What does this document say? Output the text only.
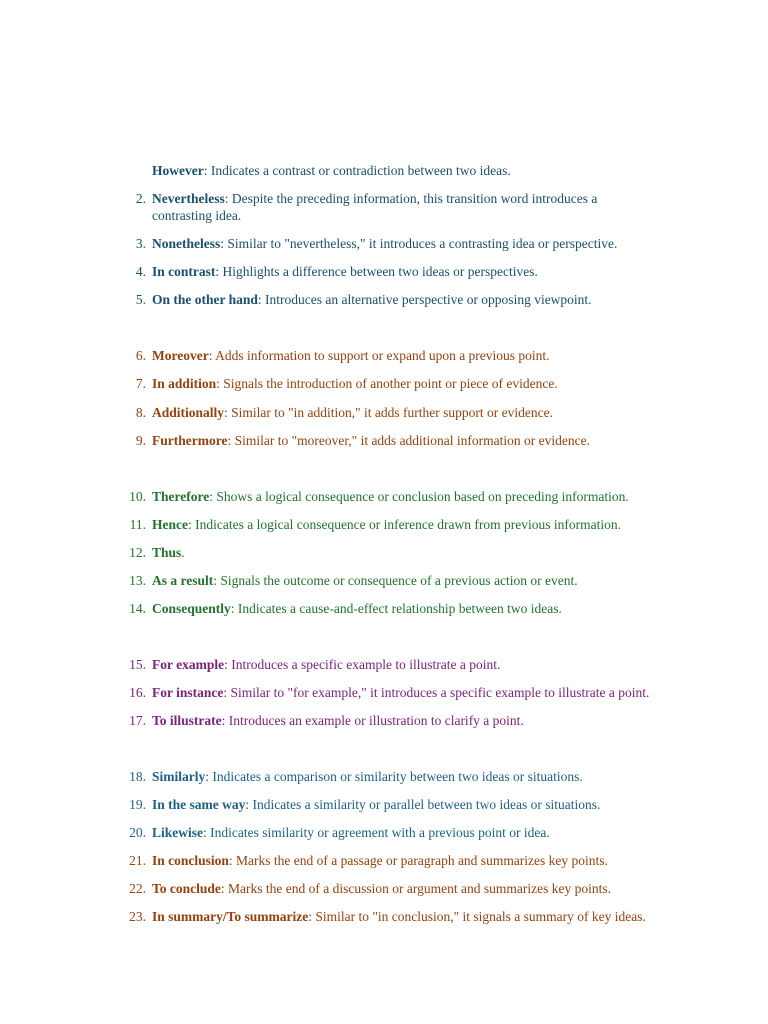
However: Indicates a contrast or contradiction between two ideas.
2. Nevertheless: Despite the preceding information, this transition word introduces a contrasting idea.
3. Nonetheless: Similar to "nevertheless," it introduces a contrasting idea or perspective.
4. In contrast: Highlights a difference between two ideas or perspectives.
5. On the other hand: Introduces an alternative perspective or opposing viewpoint.
6. Moreover: Adds information to support or expand upon a previous point.
7. In addition: Signals the introduction of another point or piece of evidence.
8. Additionally: Similar to "in addition," it adds further support or evidence.
9. Furthermore: Similar to "moreover," it adds additional information or evidence.
10. Therefore: Shows a logical consequence or conclusion based on preceding information.
11. Hence: Indicates a logical consequence or inference drawn from previous information.
12. Thus.
13. As a result: Signals the outcome or consequence of a previous action or event.
14. Consequently: Indicates a cause-and-effect relationship between two ideas.
15. For example: Introduces a specific example to illustrate a point.
16. For instance: Similar to "for example," it introduces a specific example to illustrate a point.
17. To illustrate: Introduces an example or illustration to clarify a point.
18. Similarly: Indicates a comparison or similarity between two ideas or situations.
19. In the same way: Indicates a similarity or parallel between two ideas or situations.
20. Likewise: Indicates similarity or agreement with a previous point or idea.
21. In conclusion: Marks the end of a passage or paragraph and summarizes key points.
22. To conclude: Marks the end of a discussion or argument and summarizes key points.
23. In summary/To summarize: Similar to "in conclusion," it signals a summary of key ideas.
